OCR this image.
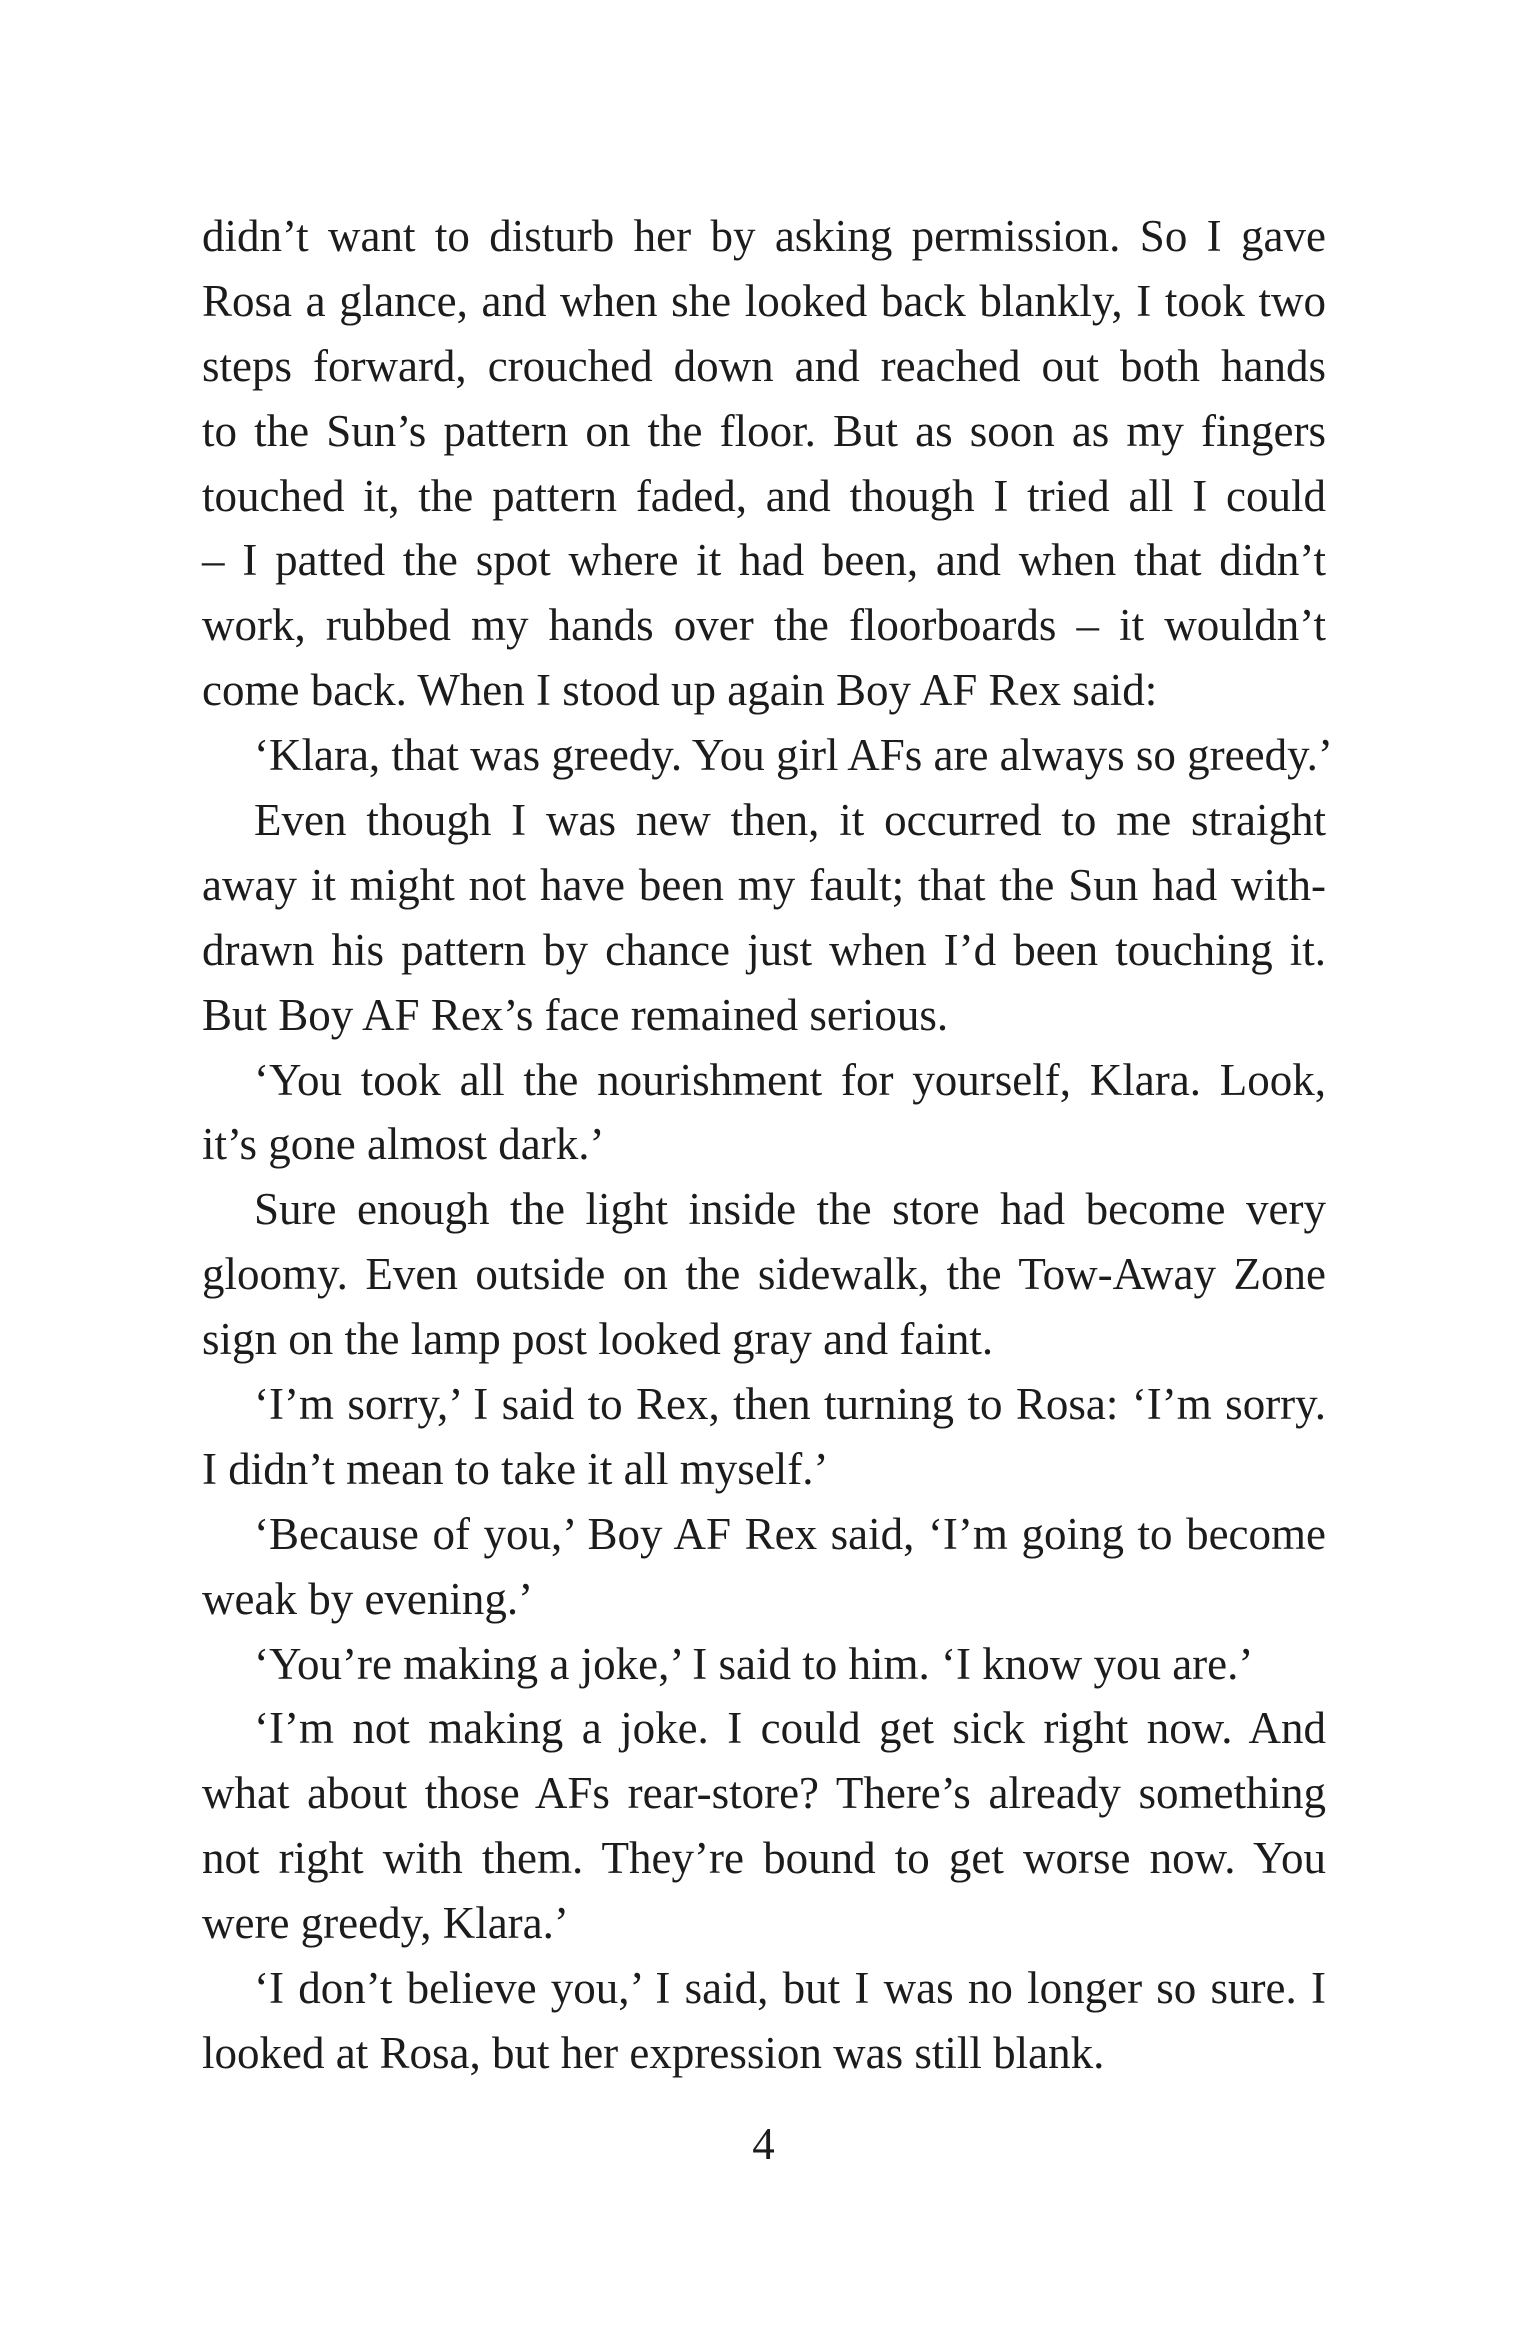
didn’t want to disturb her by asking permission. So I gave
Rosa a glance, and when she looked back blankly, I took two
steps forward, crouched down and reached out both hands
to the Sun’s pattern on the floor. But as soon as my fingers
touched it, the pattern faded, and though I tried all I could
– I patted the spot where it had been, and when that didn’t
work, rubbed my hands over the floorboards – it wouldn’t
come back. When I stood up again Boy AF Rex said:
‘Klara, that was greedy. You girl AFs are always so greedy.’
Even though I was new then, it occurred to me straight
away it might not have been my fault; that the Sun had with-
drawn his pattern by chance just when I’d been touching it.
But Boy AF Rex’s face remained serious.
‘You took all the nourishment for yourself, Klara. Look,
it’s gone almost dark.’
Sure enough the light inside the store had become very
gloomy. Even outside on the sidewalk, the Tow-Away Zone
sign on the lamp post looked gray and faint.
‘I’m sorry,’ I said to Rex, then turning to Rosa: ‘I’m sorry.
I didn’t mean to take it all myself.’
‘Because of you,’ Boy AF Rex said, ‘I’m going to become
weak by evening.’
‘You’re making a joke,’ I said to him. ‘I know you are.’
‘I’m not making a joke. I could get sick right now. And
what about those AFs rear-store? There’s already something
not right with them. They’re bound to get worse now. You
were greedy, Klara.’
‘I don’t believe you,’ I said, but I was no longer so sure. I
looked at Rosa, but her expression was still blank.
4
